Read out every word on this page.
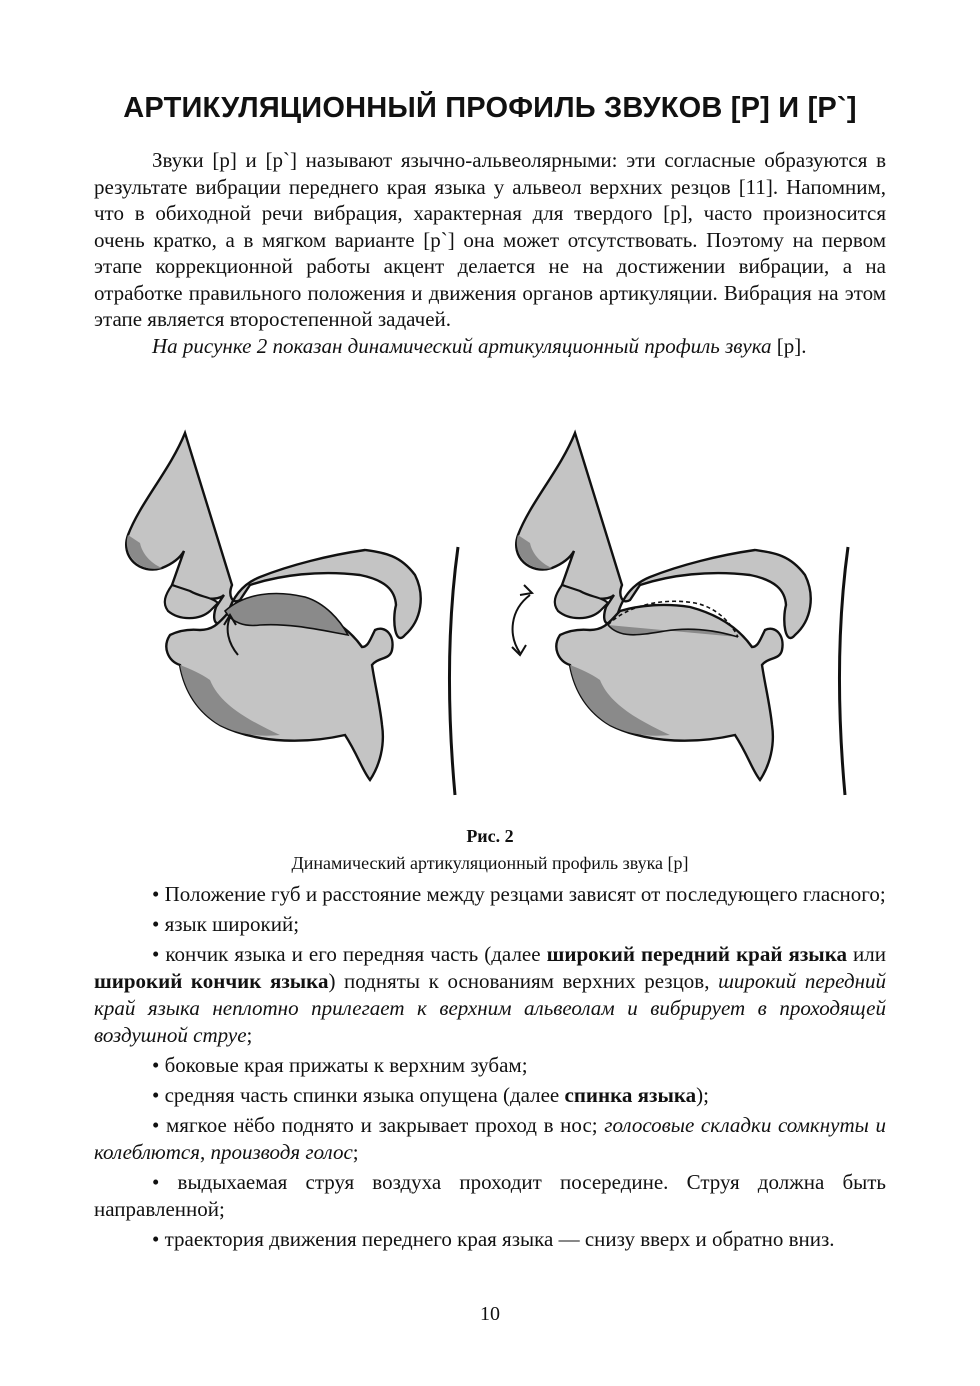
АРТИКУЛЯЦИОННЫЙ ПРОФИЛЬ ЗВУКОВ [Р] И [Р`]

Звуки [р] и [р`] называют язычно-альвеолярными: эти согласные образуются в результате вибрации переднего края языка у альвеол верхних резцов [11]. Напомним, что в обиходной речи вибрация, характерная для твердого [р], часто произносится очень кратко, а в мягком варианте [р`] она может отсутствовать. Поэтому на первом этапе коррекционной работы акцент делается не на достижении вибрации, а на отработке правильного положения и движения органов артикуляции. Вибрация на этом этапе является второстепенной задачей.

На рисунке 2 показан динамический артикуляционный профиль звука [р].

Рис. 2
Динамический артикуляционный профиль звука [р]

• Положение губ и расстояние между резцами зависят от последующего гласного;

• язык широкий;

• кончик языка и его передняя часть (далее широкий передний край языка или широкий кончик языка) подняты к основаниям верхних резцов, широкий передний край языка неплотно прилегает к верхним альвеолам и вибрирует в проходящей воздушной струе;

• боковые края прижаты к верхним зубам;

• средняя часть спинки языка опущена (далее спинка языка);

• мягкое нёбо поднято и закрывает проход в нос; голосовые складки сомкнуты и колеблются, производя голос;

• выдыхаемая струя воздуха проходит посередине. Струя должна быть направленной;

• траектория движения переднего края языка — снизу вверх и обратно вниз.

10
